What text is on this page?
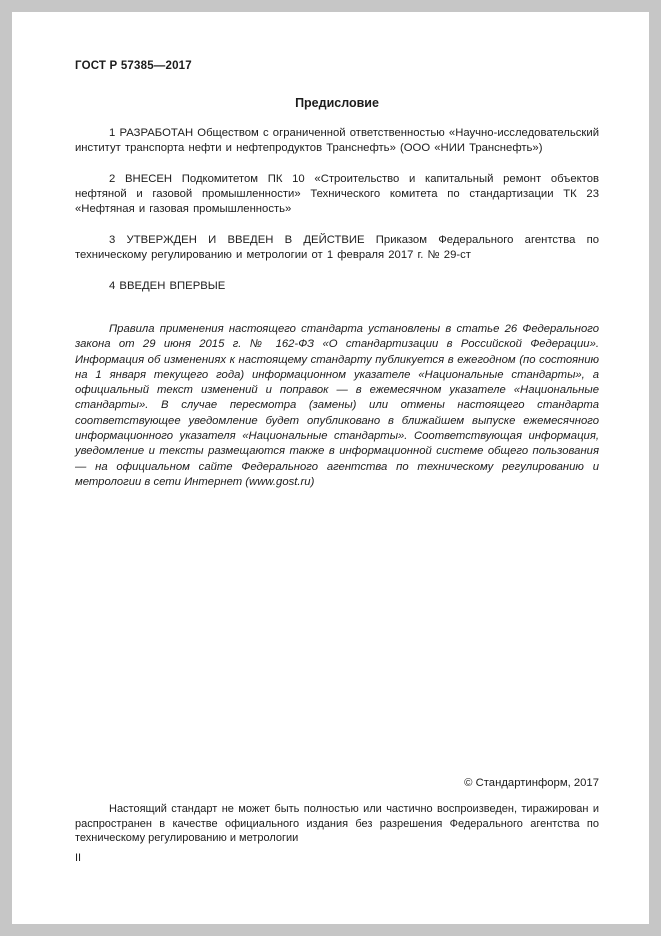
ГОСТ Р 57385—2017
Предисловие

1 РАЗРАБОТАН Обществом с ограниченной ответственностью «Научно-исследовательский институт транспорта нефти и нефтепродуктов Транснефть» (ООО «НИИ Транснефть»)

2 ВНЕСЕН Подкомитетом ПК 10 «Строительство и капитальный ремонт объектов нефтяной и газовой промышленности» Технического комитета по стандартизации ТК 23 «Нефтяная и газовая промышленность»

3 УТВЕРЖДЕН И ВВЕДЕН В ДЕЙСТВИЕ Приказом Федерального агентства по техническому регулированию и метрологии от 1 февраля 2017 г. № 29-ст

4 ВВЕДЕН ВПЕРВЫЕ

Правила применения настоящего стандарта установлены в статье 26 Федерального закона от 29 июня 2015 г. № 162-ФЗ «О стандартизации в Российской Федерации». Информация об изменениях к настоящему стандарту публикуется в ежегодном (по состоянию на 1 января текущего года) информационном указателе «Национальные стандарты», а официальный текст изменений и поправок — в ежемесячном указателе «Национальные стандарты». В случае пересмотра (замены) или отмены настоящего стандарта соответствующее уведомление будет опубликовано в ближайшем выпуске ежемесячного информационного указателя «Национальные стандарты». Соответствующая информация, уведомление и тексты размещаются также в информационной системе общего пользования — на официальном сайте Федерального агентства по техническому регулированию и метрологии в сети Интернет (www.gost.ru)

© Стандартинформ, 2017

Настоящий стандарт не может быть полностью или частично воспроизведен, тиражирован и распространен в качестве официального издания без разрешения Федерального агентства по техническому регулированию и метрологии

II
